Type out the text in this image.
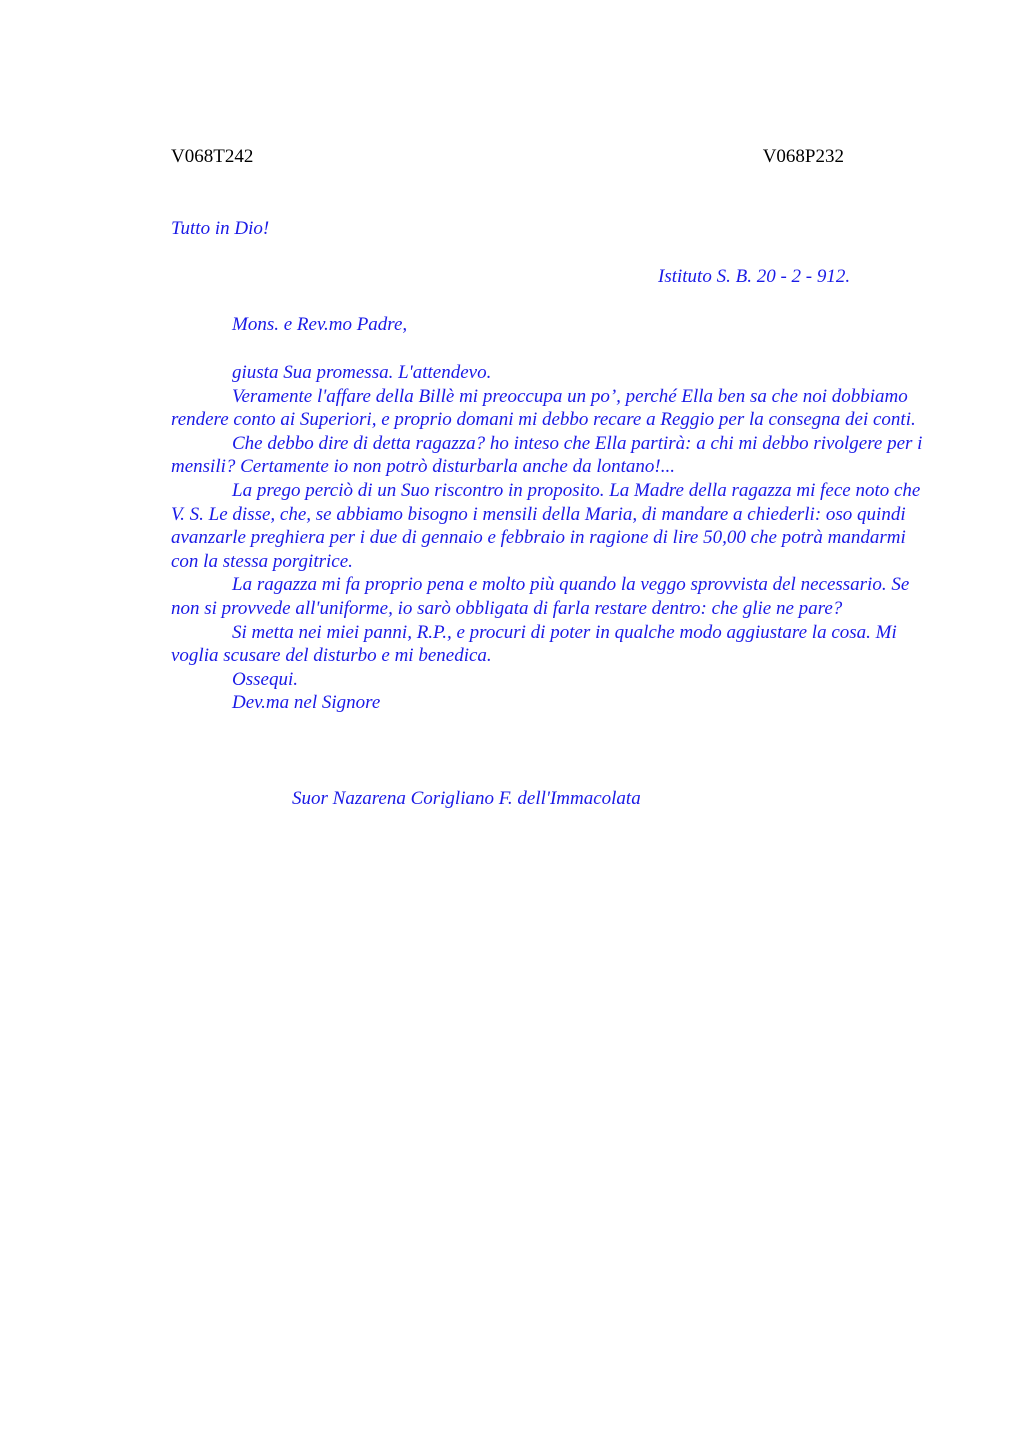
V068T242	V068P232
Tutto in Dio!
Istituto S. B. 20 - 2 - 912.
Mons. e Rev.mo Padre,

giusta Sua promessa. L'attendevo.

Veramente l'affare della Billè mi preoccupa un po’, perché Ella ben sa che noi dobbiamo rendere conto ai Superiori, e proprio domani mi debbo recare a Reggio per la consegna dei conti.

Che debbo dire di detta ragazza? ho inteso che Ella partirà: a chi mi debbo rivolgere per i mensili? Certamente io non potrò disturbarla anche da lontano!...

La prego perciò di un Suo riscontro in proposito. La Madre della ragazza mi fece noto che V. S. Le disse, che, se abbiamo bisogno i mensili della Maria, di mandare a chiederli: oso quindi avanzarle preghiera per i due di gennaio e febbraio in ragione di lire 50,00 che potrà mandarmi con la stessa porgitrice.

La ragazza mi fa proprio pena e molto più quando la veggo sprovvista del necessario. Se non si provvede all'uniforme, io sarò obbligata di farla restare dentro: che glie ne pare?

Si metta nei miei panni, R.P., e procuri di poter in qualche modo aggiustare la cosa. Mi voglia scusare del disturbo e mi benedica.

Ossequi.

Dev.ma nel Signore

Suor Nazarena Corigliano F. dell'Immacolata
